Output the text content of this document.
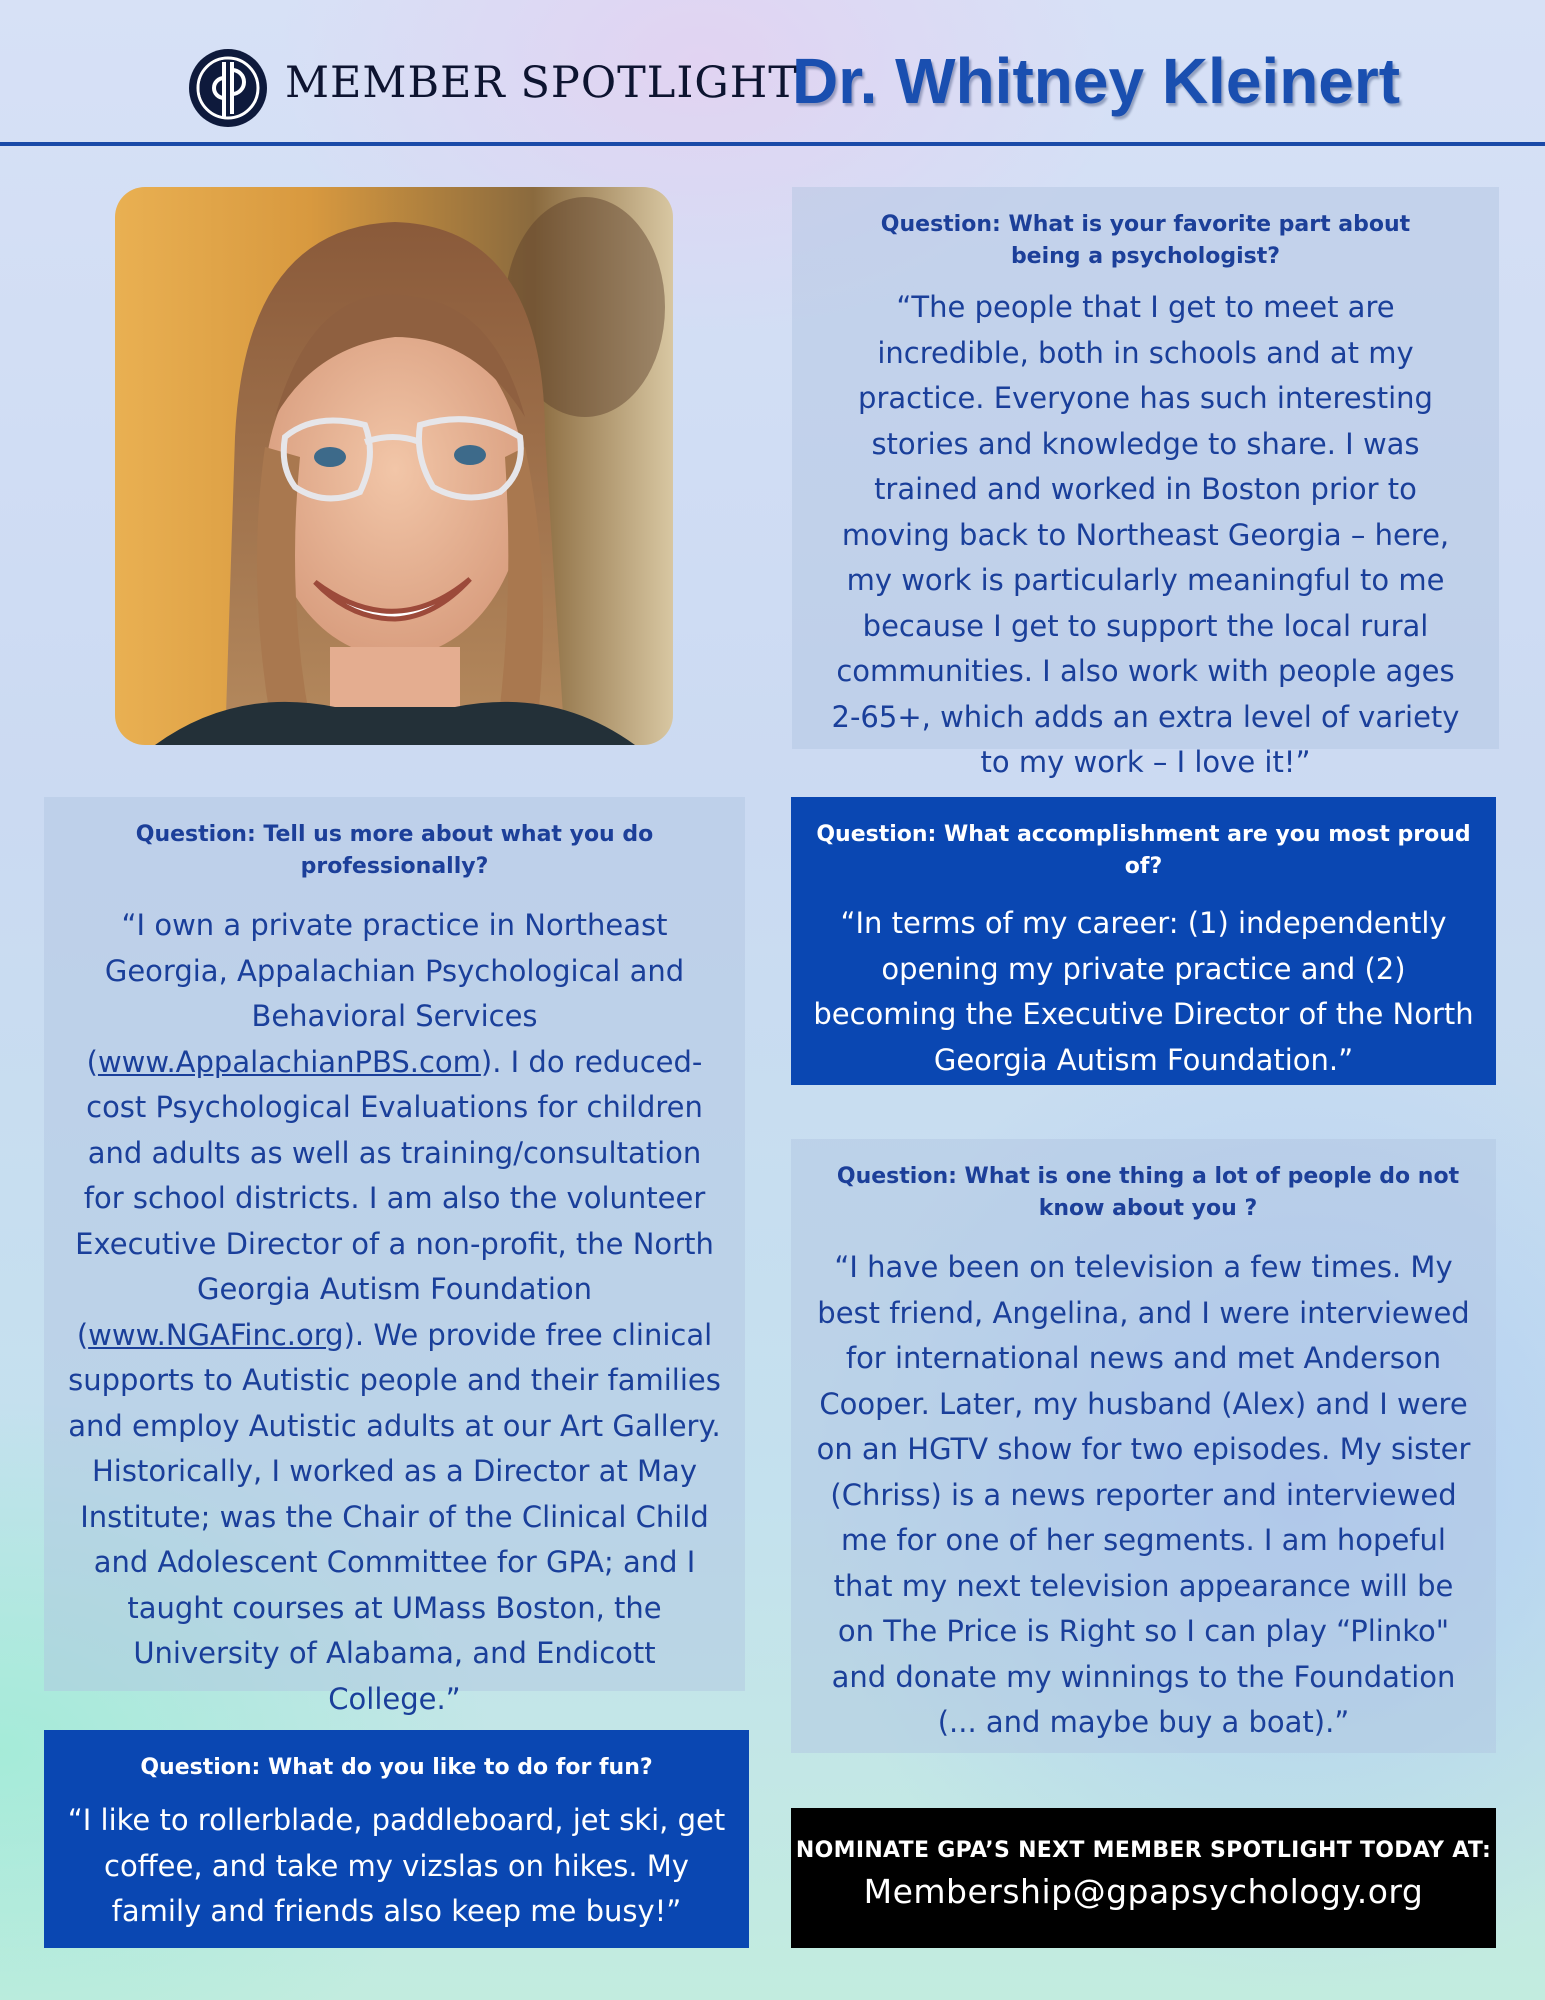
MEMBER SPOTLIGHT
Dr. Whitney Kleinert
Question: What is your favorite part about being a psychologist?
“The people that I get to meet are incredible, both in schools and at my practice. Everyone has such interesting stories and knowledge to share. I was trained and worked in Boston prior to moving back to Northeast Georgia – here, my work is particularly meaningful to me because I get to support the local rural communities. I also work with people ages 2-65+, which adds an extra level of variety to my work – I love it!”
Question: Tell us more about what you do professionally?
“I own a private practice in Northeast Georgia, Appalachian Psychological and Behavioral Services (www.AppalachianPBS.com). I do reduced-cost Psychological Evaluations for children and adults as well as training/consultation for school districts. I am also the volunteer Executive Director of a non-profit, the North Georgia Autism Foundation (www.NGAFinc.org). We provide free clinical supports to Autistic people and their families and employ Autistic adults at our Art Gallery. Historically, I worked as a Director at May Institute; was the Chair of the Clinical Child and Adolescent Committee for GPA; and I taught courses at UMass Boston, the University of Alabama, and Endicott College.”
Question: What accomplishment are you most proud of?
“In terms of my career: (1) independently opening my private practice and (2) becoming the Executive Director of the North Georgia Autism Foundation.”
Question: What is one thing a lot of people do not know about you ?
“I have been on television a few times. My best friend, Angelina, and I were interviewed for international news and met Anderson Cooper. Later, my husband (Alex) and I were on an HGTV show for two episodes. My sister (Chriss) is a news reporter and interviewed me for one of her segments. I am hopeful that my next television appearance will be on The Price is Right so I can play “Plinko" and donate my winnings to the Foundation (... and maybe buy a boat).”
Question: What do you like to do for fun?
“I like to rollerblade, paddleboard, jet ski, get coffee, and take my vizslas on hikes. My family and friends also keep me busy!”
NOMINATE GPA’S NEXT MEMBER SPOTLIGHT TODAY AT:
Membership@gpapsychology.org
